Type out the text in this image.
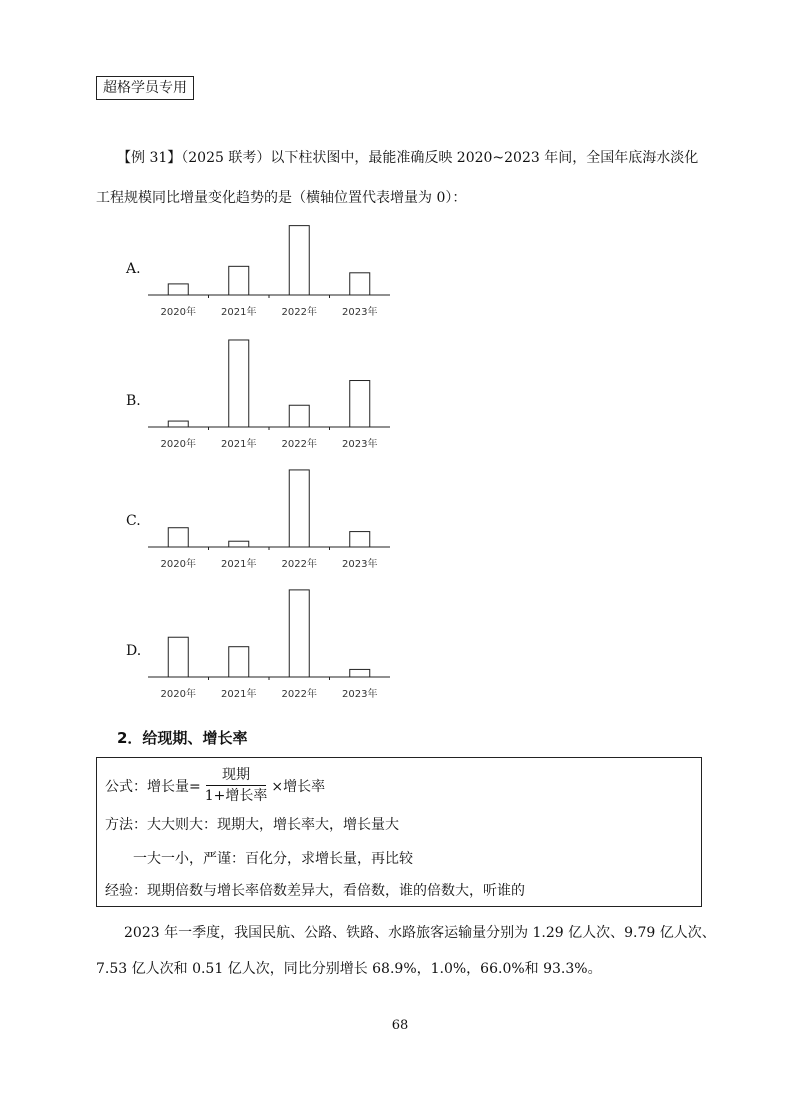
超格学员专用
【例 31】（2025 联考）以下柱状图中，最能准确反映 2020~2023 年间，全国年底海水淡化
工程规模同比增量变化趋势的是（横轴位置代表增量为 0）：
A.
2020年	2021年	2022年	2023年
B.
2020年	2021年	2022年	2023年
C.
2020年	2021年	2022年	2023年
D.
2020年	2021年	2022年	2023年
2．给现期、增长率
公式：增长量= $\frac{\text{现期}}{\text{1+增长率}}$ ×增长率
方法：大大则大：现期大，增长率大，增长量大
一大一小，严谨：百化分，求增长量，再比较
经验：现期倍数与增长率倍数差异大，看倍数，谁的倍数大，听谁的
2023 年一季度，我国民航、公路、铁路、水路旅客运输量分别为 1.29 亿人次、9.79 亿人次、
7.53 亿人次和 0.51 亿人次，同比分别增长 68.9%，1.0%，66.0%和 93.3%。
68
